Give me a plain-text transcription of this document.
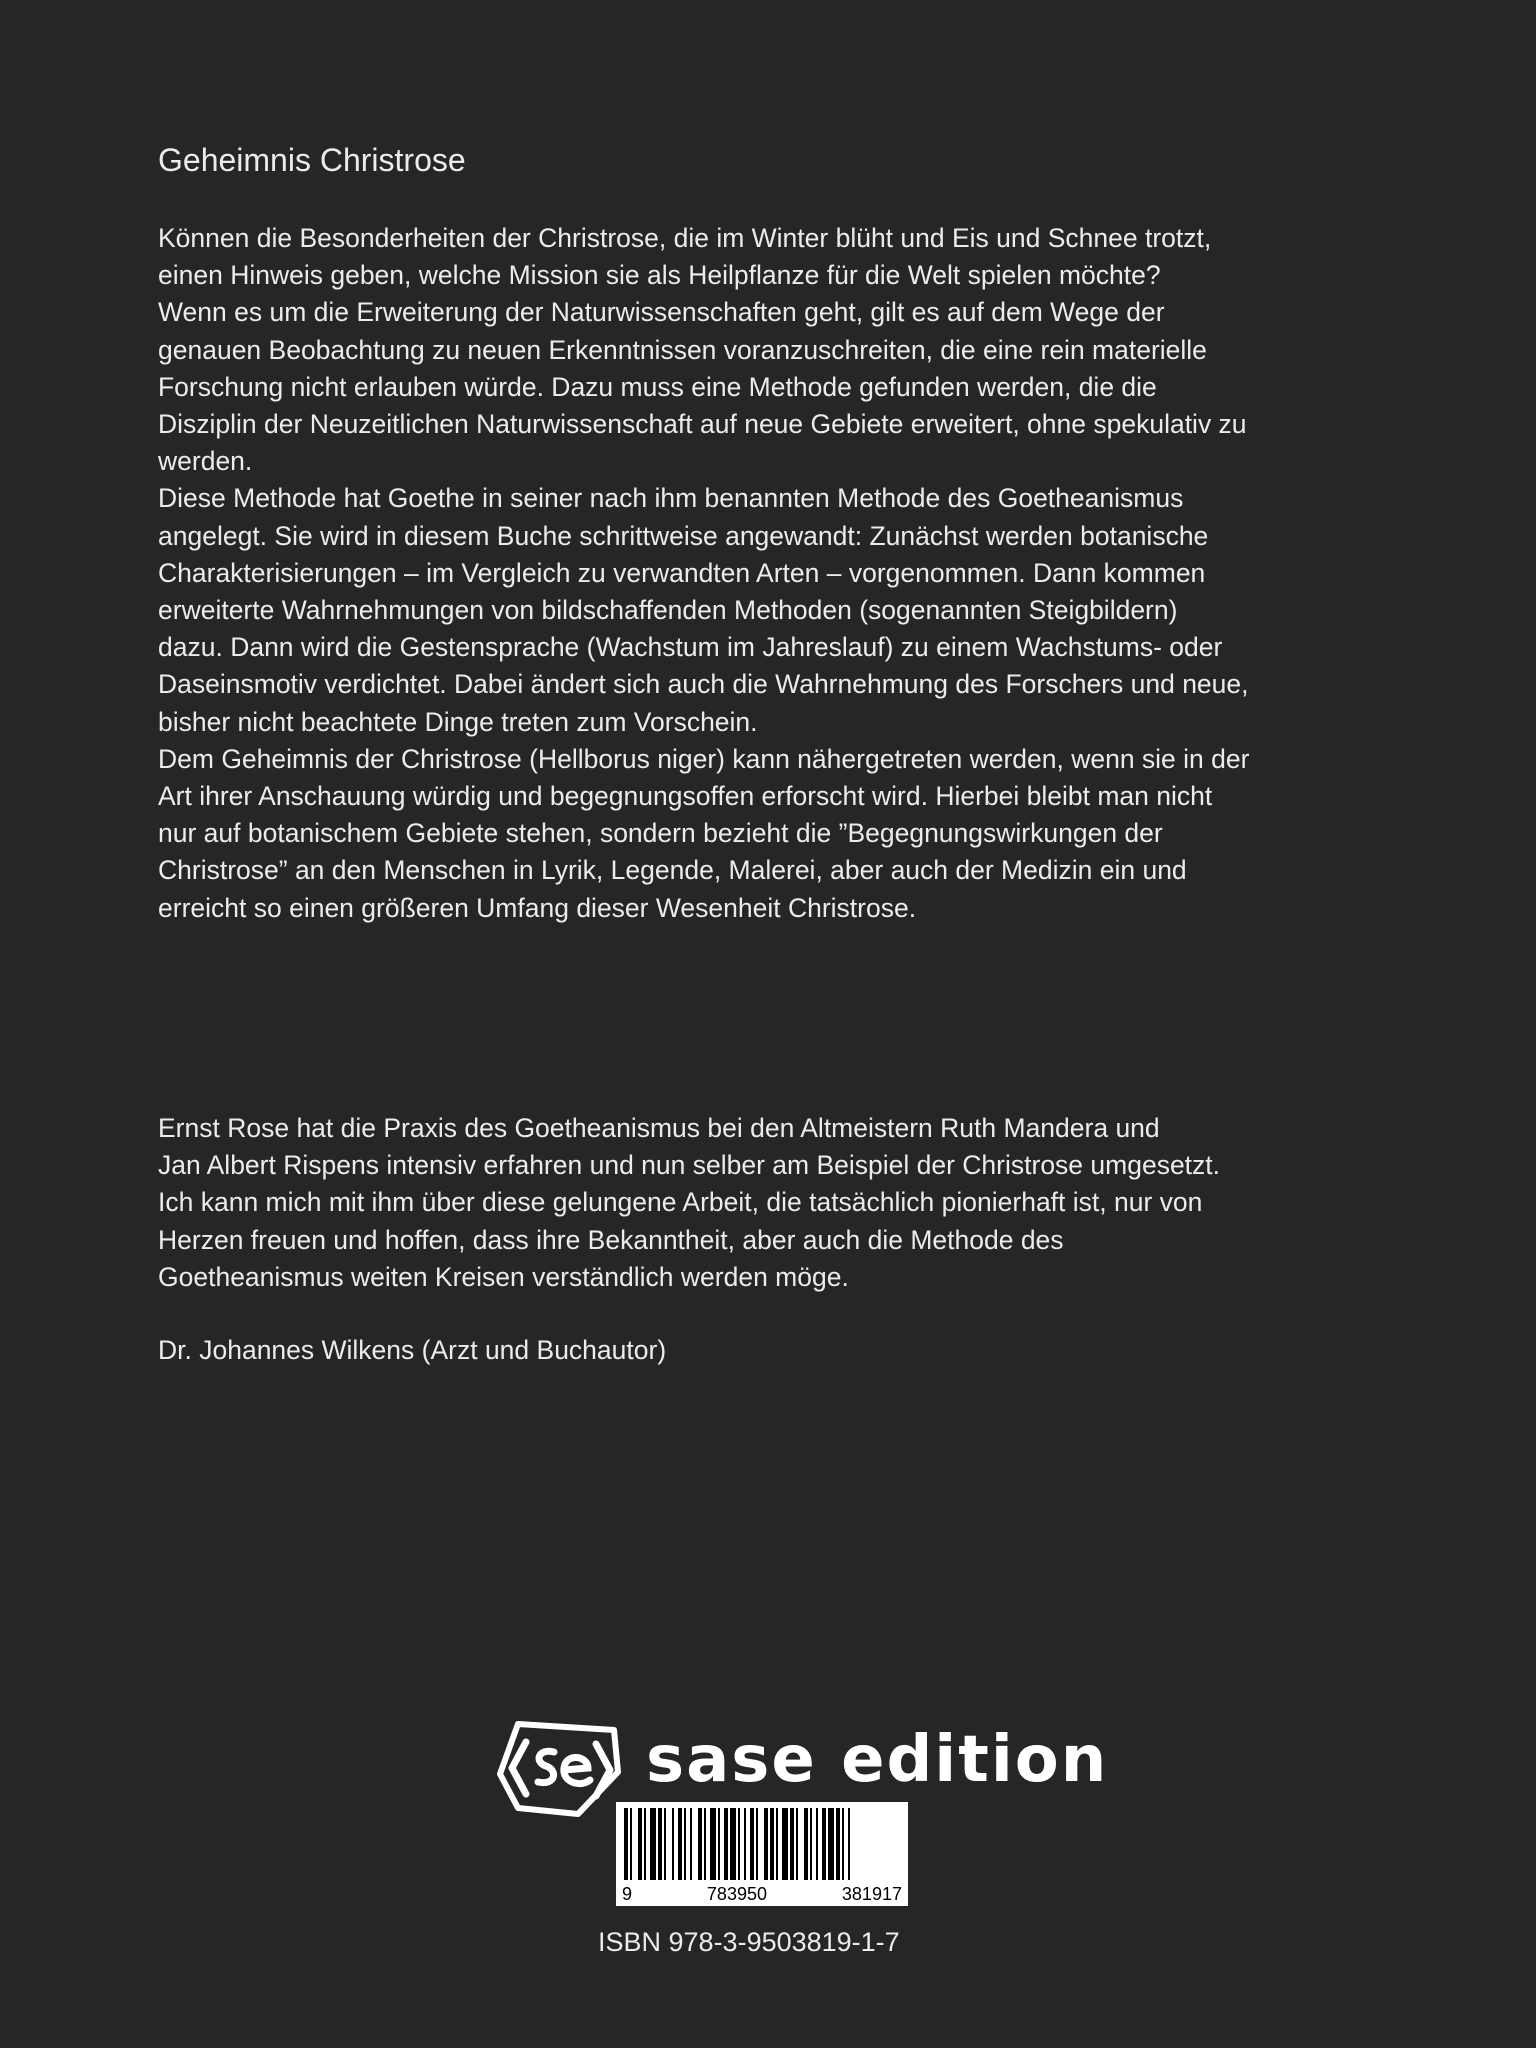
Geheimnis Christrose
Können die Besonderheiten der Christrose, die im Winter blüht und Eis und Schnee trotzt,
einen Hinweis geben, welche Mission sie als Heilpflanze für die Welt spielen möchte?
Wenn es um die Erweiterung der Naturwissenschaften geht, gilt es auf dem Wege der
genauen Beobachtung zu neuen Erkenntnissen voranzuschreiten, die eine rein materielle
Forschung nicht erlauben würde. Dazu muss eine Methode gefunden werden, die die
Disziplin der Neuzeitlichen Naturwissenschaft auf neue Gebiete erweitert, ohne spekulativ zu
werden.
Diese Methode hat Goethe in seiner nach ihm benannten Methode des Goetheanismus
angelegt. Sie wird in diesem Buche schrittweise angewandt: Zunächst werden botanische
Charakterisierungen – im Vergleich zu verwandten Arten – vorgenommen. Dann kommen
erweiterte Wahrnehmungen von bildschaffenden Methoden (sogenannten Steigbildern)
dazu. Dann wird die Gestensprache (Wachstum im Jahreslauf) zu einem Wachstums- oder
Daseinsmotiv verdichtet. Dabei ändert sich auch die Wahrnehmung des Forschers und neue,
bisher nicht beachtete Dinge treten zum Vorschein.
Dem Geheimnis der Christrose (Hellborus niger) kann nähergetreten werden, wenn sie in der
Art ihrer Anschauung würdig und begegnungsoffen erforscht wird. Hierbei bleibt man nicht
nur auf botanischem Gebiete stehen, sondern bezieht die ”Begegnungswirkungen der
Christrose” an den Menschen in Lyrik, Legende, Malerei, aber auch der Medizin ein und
erreicht so einen größeren Umfang dieser Wesenheit Christrose.
Ernst Rose hat die Praxis des Goetheanismus bei den Altmeistern Ruth Mandera und
Jan Albert Rispens intensiv erfahren und nun selber am Beispiel der Christrose umgesetzt.
Ich kann mich mit ihm über diese gelungene Arbeit, die tatsächlich pionierhaft ist, nur von
Herzen freuen und hoffen, dass ihre Bekanntheit, aber auch die Methode des
Goetheanismus weiten Kreisen verständlich werden möge.

Dr. Johannes Wilkens (Arzt und Buchautor)

sase edition
9	783950	381917

ISBN 978-3-9503819-1-7
